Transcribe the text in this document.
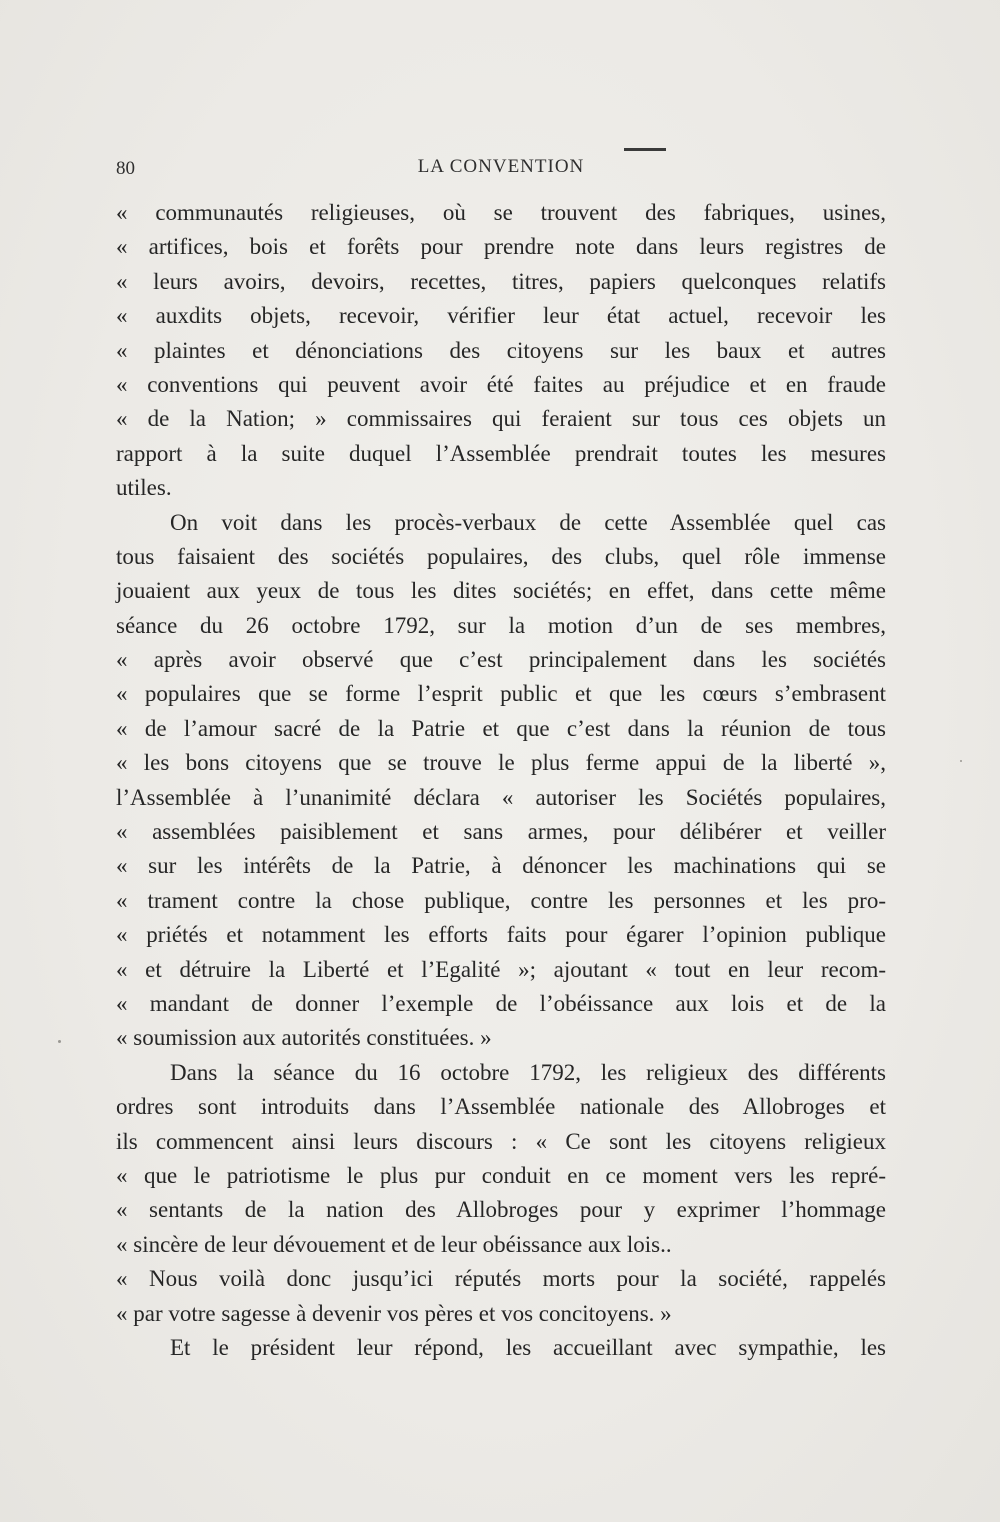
80	LA CONVENTION
« communautés religieuses, où se trouvent des fabriques, usines,
« artifices, bois et forêts pour prendre note dans leurs registres de
« leurs avoirs, devoirs, recettes, titres, papiers quelconques relatifs
« auxdits objets, recevoir, vérifier leur état actuel, recevoir les
« plaintes et dénonciations des citoyens sur les baux et autres
« conventions qui peuvent avoir été faites au préjudice et en fraude
« de la Nation; » commissaires qui feraient sur tous ces objets un
rapport à la suite duquel l’Assemblée prendrait toutes les mesures
utiles.
On voit dans les procès-verbaux de cette Assemblée quel cas
tous faisaient des sociétés populaires, des clubs, quel rôle immense
jouaient aux yeux de tous les dites sociétés; en effet, dans cette même
séance du 26 octobre 1792, sur la motion d’un de ses membres,
« après avoir observé que c’est principalement dans les sociétés
« populaires que se forme l’esprit public et que les cœurs s’embrasent
« de l’amour sacré de la Patrie et que c’est dans la réunion de tous
« les bons citoyens que se trouve le plus ferme appui de la liberté »,
l’Assemblée à l’unanimité déclara « autoriser les Sociétés populaires,
« assemblées paisiblement et sans armes, pour délibérer et veiller
« sur les intérêts de la Patrie, à dénoncer les machinations qui se
« trament contre la chose publique, contre les personnes et les pro-
« priétés et notamment les efforts faits pour égarer l’opinion publique
« et détruire la Liberté et l’Egalité »; ajoutant « tout en leur recom-
« mandant de donner l’exemple de l’obéissance aux lois et de la
« soumission aux autorités constituées. »
Dans la séance du 16 octobre 1792, les religieux des différents
ordres sont introduits dans l’Assemblée nationale des Allobroges et
ils commencent ainsi leurs discours : « Ce sont les citoyens religieux
« que le patriotisme le plus pur conduit en ce moment vers les repré-
« sentants de la nation des Allobroges pour y exprimer l’hommage
« sincère de leur dévouement et de leur obéissance aux lois..
« Nous voilà donc jusqu’ici réputés morts pour la société, rappelés
« par votre sagesse à devenir vos pères et vos concitoyens. »
Et le président leur répond, les accueillant avec sympathie, les
